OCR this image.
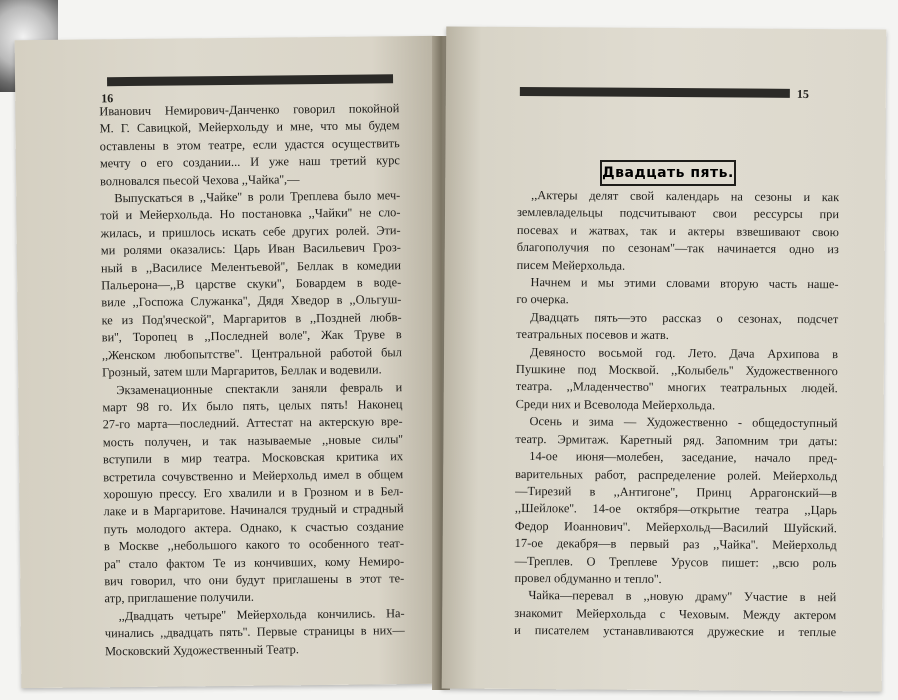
16
Иванович Немирович-Данченко говорил покойной
М. Г. Савицкой, Мейерхольду и мне, что мы будем
оставлены в этом театре, если удастся осуществить
мечту о его создании... И уже наш третий курс
волновался пьесой Чехова ,,Чайка'',—
Выпускаться в ,,Чайке'' в роли Треплева было меч-
той и Мейерхольда. Но постановка ,,Чайки'' не сло-
жилась, и пришлось искать себе других ролей. Эти-
ми ролями оказались: Царь Иван Васильевич Гроз-
ный в ,,Василисе Мелентьевой'', Беллак в комедии
Пальерона—,,В царстве скуки'', Бовардем в воде-
виле ,,Госпожа Служанка'', Дядя Хведор в ,,Ольгуш-
ке из Под'яческой'', Маргаритов в ,,Поздней любв-
ви'', Торопец в ,,Последней воле'', Жак Труве в
,,Женском любопытстве''. Центральной работой был
Грозный, затем шли Маргаритов, Беллак и водевили.
Экзаменационные спектакли заняли февраль и
март 98 го. Их было пять, целых пять! Наконец
27-го марта—последний. Аттестат на актерскую вре-
мость получен, и так называемые ,,новые силы''
вступили в мир театра. Московская критика их
встретила сочувственно и Мейерхольд имел в общем
хорошую прессу. Его хвалили и в Грозном и в Бел-
лаке и в Маргаритове. Начинался трудный и страдный
путь молодого актера. Однако, к счастью создание
в Москве ,,небольшого какого то особенного теат-
ра'' стало фактом Те из кончивших, кому Немиро-
вич говорил, что они будут приглашены в этот те-
атр, приглашение получили.
,,Двадцать четыре'' Мейерхольда кончились. На-
чинались ,,двадцать пять''. Первые страницы в них—
Московский Художественный Театр.
15
,,Актеры делят свой календарь на сезоны и как
землевладельцы подсчитывают свои рессурсы при
посевах и жатвах, так и актеры взвешивают свою
благополучия по сезонам''—так начинается одно из
писем Мейерхольда.
Начнем и мы этими словами вторую часть наше-
го очерка.
Двадцать пять—это рассказ о сезонах, подсчет
театральных посевов и жатв.
Девяносто восьмой год. Лето. Дача Архипова в
Пушкине под Москвой. ,,Колыбель'' Художественного
театра. ,,Младенчество'' многих театральных людей.
Среди них и Всеволода Мейерхольда.
Осень и зима — Художественно - общедоступный
театр. Эрмитаж. Каретный ряд. Запомним три даты:
14-ое июня—молебен, заседание, начало пред-
варительных работ, распределение ролей. Мейерхольд
—Тирезий в ,,Антигоне'', Принц Аррагонский—в
,,Шейлоке''. 14-ое октября—открытие театра ,,Царь
Федор Иоаннович''. Мейерхольд—Василий Шуйский.
17-ое декабря—в первый раз ,,Чайка''. Мейерхольд
—Треплев. О Треплеве Урусов пишет: ,,всю роль
провел обдуманно и тепло''.
Чайка—перевал в ,,новую драму'' Участие в ней
знакомит Мейерхольда с Чеховым. Между актером
и писателем устанавливаются дружеские и теплые
Двадцать пять.
